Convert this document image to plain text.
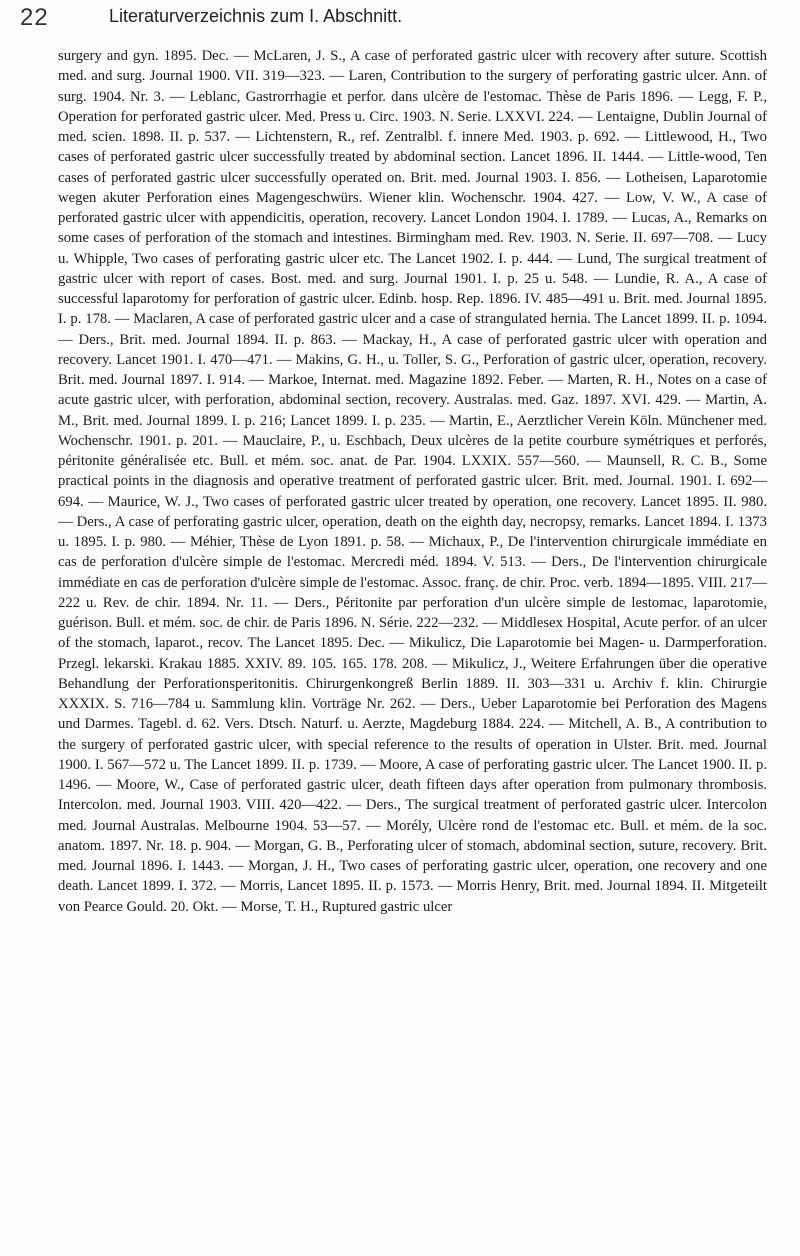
22	Literaturverzeichnis zum I. Abschnitt.
surgery and gyn. 1895. Dec. — McLaren, J. S., A case of perforated gastric ulcer with recovery after suture. Scottish med. and surg. Journal 1900. VII. 319—323. — Laren, Contribution to the surgery of perforating gastric ulcer. Ann. of surg. 1904. Nr. 3. — Leblanc, Gastrorrhagie et perfor. dans ulcère de l'estomac. Thèse de Paris 1896. — Legg, F. P., Operation for perforated gastric ulcer. Med. Press u. Circ. 1903. N. Serie. LXXVI. 224. — Lentaigne, Dublin Journal of med. scien. 1898. II. p. 537. — Lichtenstern, R., ref. Zentralbl. f. innere Med. 1903. p. 692. — Littlewood, H., Two cases of perforated gastric ulcer successfully treated by abdominal section. Lancet 1896. II. 1444. — Little-wood, Ten cases of perforated gastric ulcer successfully operated on. Brit. med. Journal 1903. I. 856. — Lotheisen, Laparotomie wegen akuter Perforation eines Magengeschwürs. Wiener klin. Wochenschr. 1904. 427. — Low, V. W., A case of perforated gastric ulcer with appendicitis, operation, recovery. Lancet London 1904. I. 1789. — Lucas, A., Remarks on some cases of perforation of the stomach and intestines. Birmingham med. Rev. 1903. N. Serie. II. 697—708. — Lucy u. Whipple, Two cases of perforating gastric ulcer etc. The Lancet 1902. I. p. 444. — Lund, The surgical treatment of gastric ulcer with report of cases. Bost. med. and surg. Journal 1901. I. p. 25 u. 548. — Lundie, R. A., A case of successful laparotomy for perforation of gastric ulcer. Edinb. hosp. Rep. 1896. IV. 485—491 u. Brit. med. Journal 1895. I. p. 178. — Maclaren, A case of perforated gastric ulcer and a case of strangulated hernia. The Lancet 1899. II. p. 1094. — Ders., Brit. med. Journal 1894. II. p. 863. — Mackay, H., A case of perforated gastric ulcer with operation and recovery. Lancet 1901. I. 470—471. — Makins, G. H., u. Toller, S. G., Perforation of gastric ulcer, operation, recovery. Brit. med. Journal 1897. I. 914. — Markoe, Internat. med. Magazine 1892. Feber. — Marten, R. H., Notes on a case of acute gastric ulcer, with perforation, abdominal section, recovery. Australas. med. Gaz. 1897. XVI. 429. — Martin, A. M., Brit. med. Journal 1899. I. p. 216; Lancet 1899. I. p. 235. — Martin, E., Aerztlicher Verein Köln. Münchener med. Wochenschr. 1901. p. 201. — Mauclaire, P., u. Eschbach, Deux ulcères de la petite courbure symétriques et perforés, péritonite généralisée etc. Bull. et mém. soc. anat. de Par. 1904. LXXIX. 557—560. — Maunsell, R. C. B., Some practical points in the diagnosis and operative treatment of perforated gastric ulcer. Brit. med. Journal. 1901. I. 692—694. — Maurice, W. J., Two cases of perforated gastric ulcer treated by operation, one recovery. Lancet 1895. II. 980. — Ders., A case of perforating gastric ulcer, operation, death on the eighth day, necropsy, remarks. Lancet 1894. I. 1373 u. 1895. I. p. 980. — Méhier, Thèse de Lyon 1891. p. 58. — Michaux, P., De l'intervention chirurgicale immédiate en cas de perforation d'ulcère simple de l'estomac. Mercredi méd. 1894. V. 513. — Ders., De l'intervention chirurgicale immédiate en cas de perforation d'ulcère simple de l'estomac. Assoc. franç. de chir. Proc. verb. 1894—1895. VIII. 217—222 u. Rev. de chir. 1894. Nr. 11. — Ders., Péritonite par perforation d'un ulcère simple de lestomac, laparotomie, guérison. Bull. et mém. soc. de chir. de Paris 1896. N. Série. 222—232. — Middlesex Hospital, Acute perfor. of an ulcer of the stomach, laparot., recov. The Lancet 1895. Dec. — Mikulicz, Die Laparotomie bei Magen- u. Darmperforation. Przegl. lekarski. Krakau 1885. XXIV. 89. 105. 165. 178. 208. — Mikulicz, J., Weitere Erfahrungen über die operative Behandlung der Perforationsperitonitis. Chirurgenkongreß Berlin 1889. II. 303—331 u. Archiv f. klin. Chirurgie XXXIX. S. 716—784 u. Sammlung klin. Vorträge Nr. 262. — Ders., Ueber Laparotomie bei Perforation des Magens und Darmes. Tagebl. d. 62. Vers. Dtsch. Naturf. u. Aerzte, Magdeburg 1884. 224. — Mitchell, A. B., A contribution to the surgery of perforated gastric ulcer, with special reference to the results of operation in Ulster. Brit. med. Journal 1900. I. 567—572 u. The Lancet 1899. II. p. 1739. — Moore, A case of perforating gastric ulcer. The Lancet 1900. II. p. 1496. — Moore, W., Case of perforated gastric ulcer, death fifteen days after operation from pulmonary thrombosis. Intercolon. med. Journal 1903. VIII. 420—422. — Ders., The surgical treatment of perforated gastric ulcer. Intercolon med. Journal Australas. Melbourne 1904. 53—57. — Morély, Ulcère rond de l'estomac etc. Bull. et mém. de la soc. anatom. 1897. Nr. 18. p. 904. — Morgan, G. B., Perforating ulcer of stomach, abdominal section, suture, recovery. Brit. med. Journal 1896. I. 1443. — Morgan, J. H., Two cases of perforating gastric ulcer, operation, one recovery and one death. Lancet 1899. I. 372. — Morris, Lancet 1895. II. p. 1573. — Morris Henry, Brit. med. Journal 1894. II. Mitgeteilt von Pearce Gould. 20. Okt. — Morse, T. H., Ruptured gastric ulcer
